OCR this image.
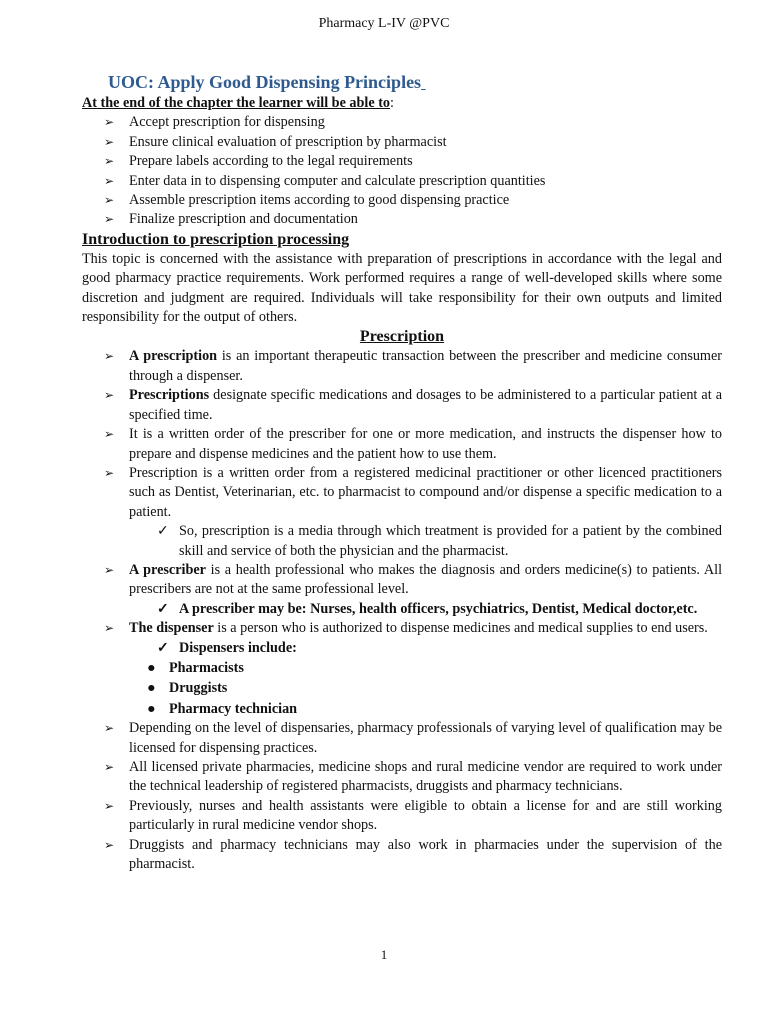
Pharmacy L-IV @PVC
UOC: Apply Good Dispensing Principles

At the end of the chapter the learner will be able to:

➢ Accept prescription for dispensing
➢ Ensure clinical evaluation of prescription by pharmacist
➢ Prepare labels according to the legal requirements
➢ Enter data in to dispensing computer and calculate prescription quantities
➢ Assemble prescription items according to good dispensing practice
➢ Finalize prescription and documentation
Introduction to prescription processing

This topic is concerned with the assistance with preparation of prescriptions in accordance with the legal and good pharmacy practice requirements. Work performed requires a range of well-developed skills where some discretion and judgment are required. Individuals will take responsibility for their own outputs and limited responsibility for the output of others.

Prescription
➢ A prescription is an important therapeutic transaction between the prescriber and medicine consumer through a dispenser.
➢ Prescriptions designate specific medications and dosages to be administered to a particular patient at a specified time.
➢ It is a written order of the prescriber for one or more medication, and instructs the dispenser how to prepare and dispense medicines and the patient how to use them.
➢ Prescription is a written order from a registered medicinal practitioner or other licenced practitioners such as Dentist, Veterinarian, etc. to pharmacist to compound and/or dispense a specific medication to a patient.
✓ So, prescription is a media through which treatment is provided for a patient by the combined skill and service of both the physician and the pharmacist.
➢ A prescriber is a health professional who makes the diagnosis and orders medicine(s) to patients. All prescribers are not at the same professional level.
✓ A prescriber may be: Nurses, health officers, psychiatrics, Dentist, Medical doctor,etc.
➢ The dispenser is a person who is authorized to dispense medicines and medical supplies to end users.
✓ Dispensers include:
● Pharmacists
● Druggists
● Pharmacy technician
➢ Depending on the level of dispensaries, pharmacy professionals of varying level of qualification may be licensed for dispensing practices.
➢ All licensed private pharmacies, medicine shops and rural medicine vendor are required to work under the technical leadership of registered pharmacists, druggists and pharmacy technicians.
➢ Previously, nurses and health assistants were eligible to obtain a license for and are still working particularly in rural medicine vendor shops.
➢ Druggists and pharmacy technicians may also work in pharmacies under the supervision of the pharmacist.
1
